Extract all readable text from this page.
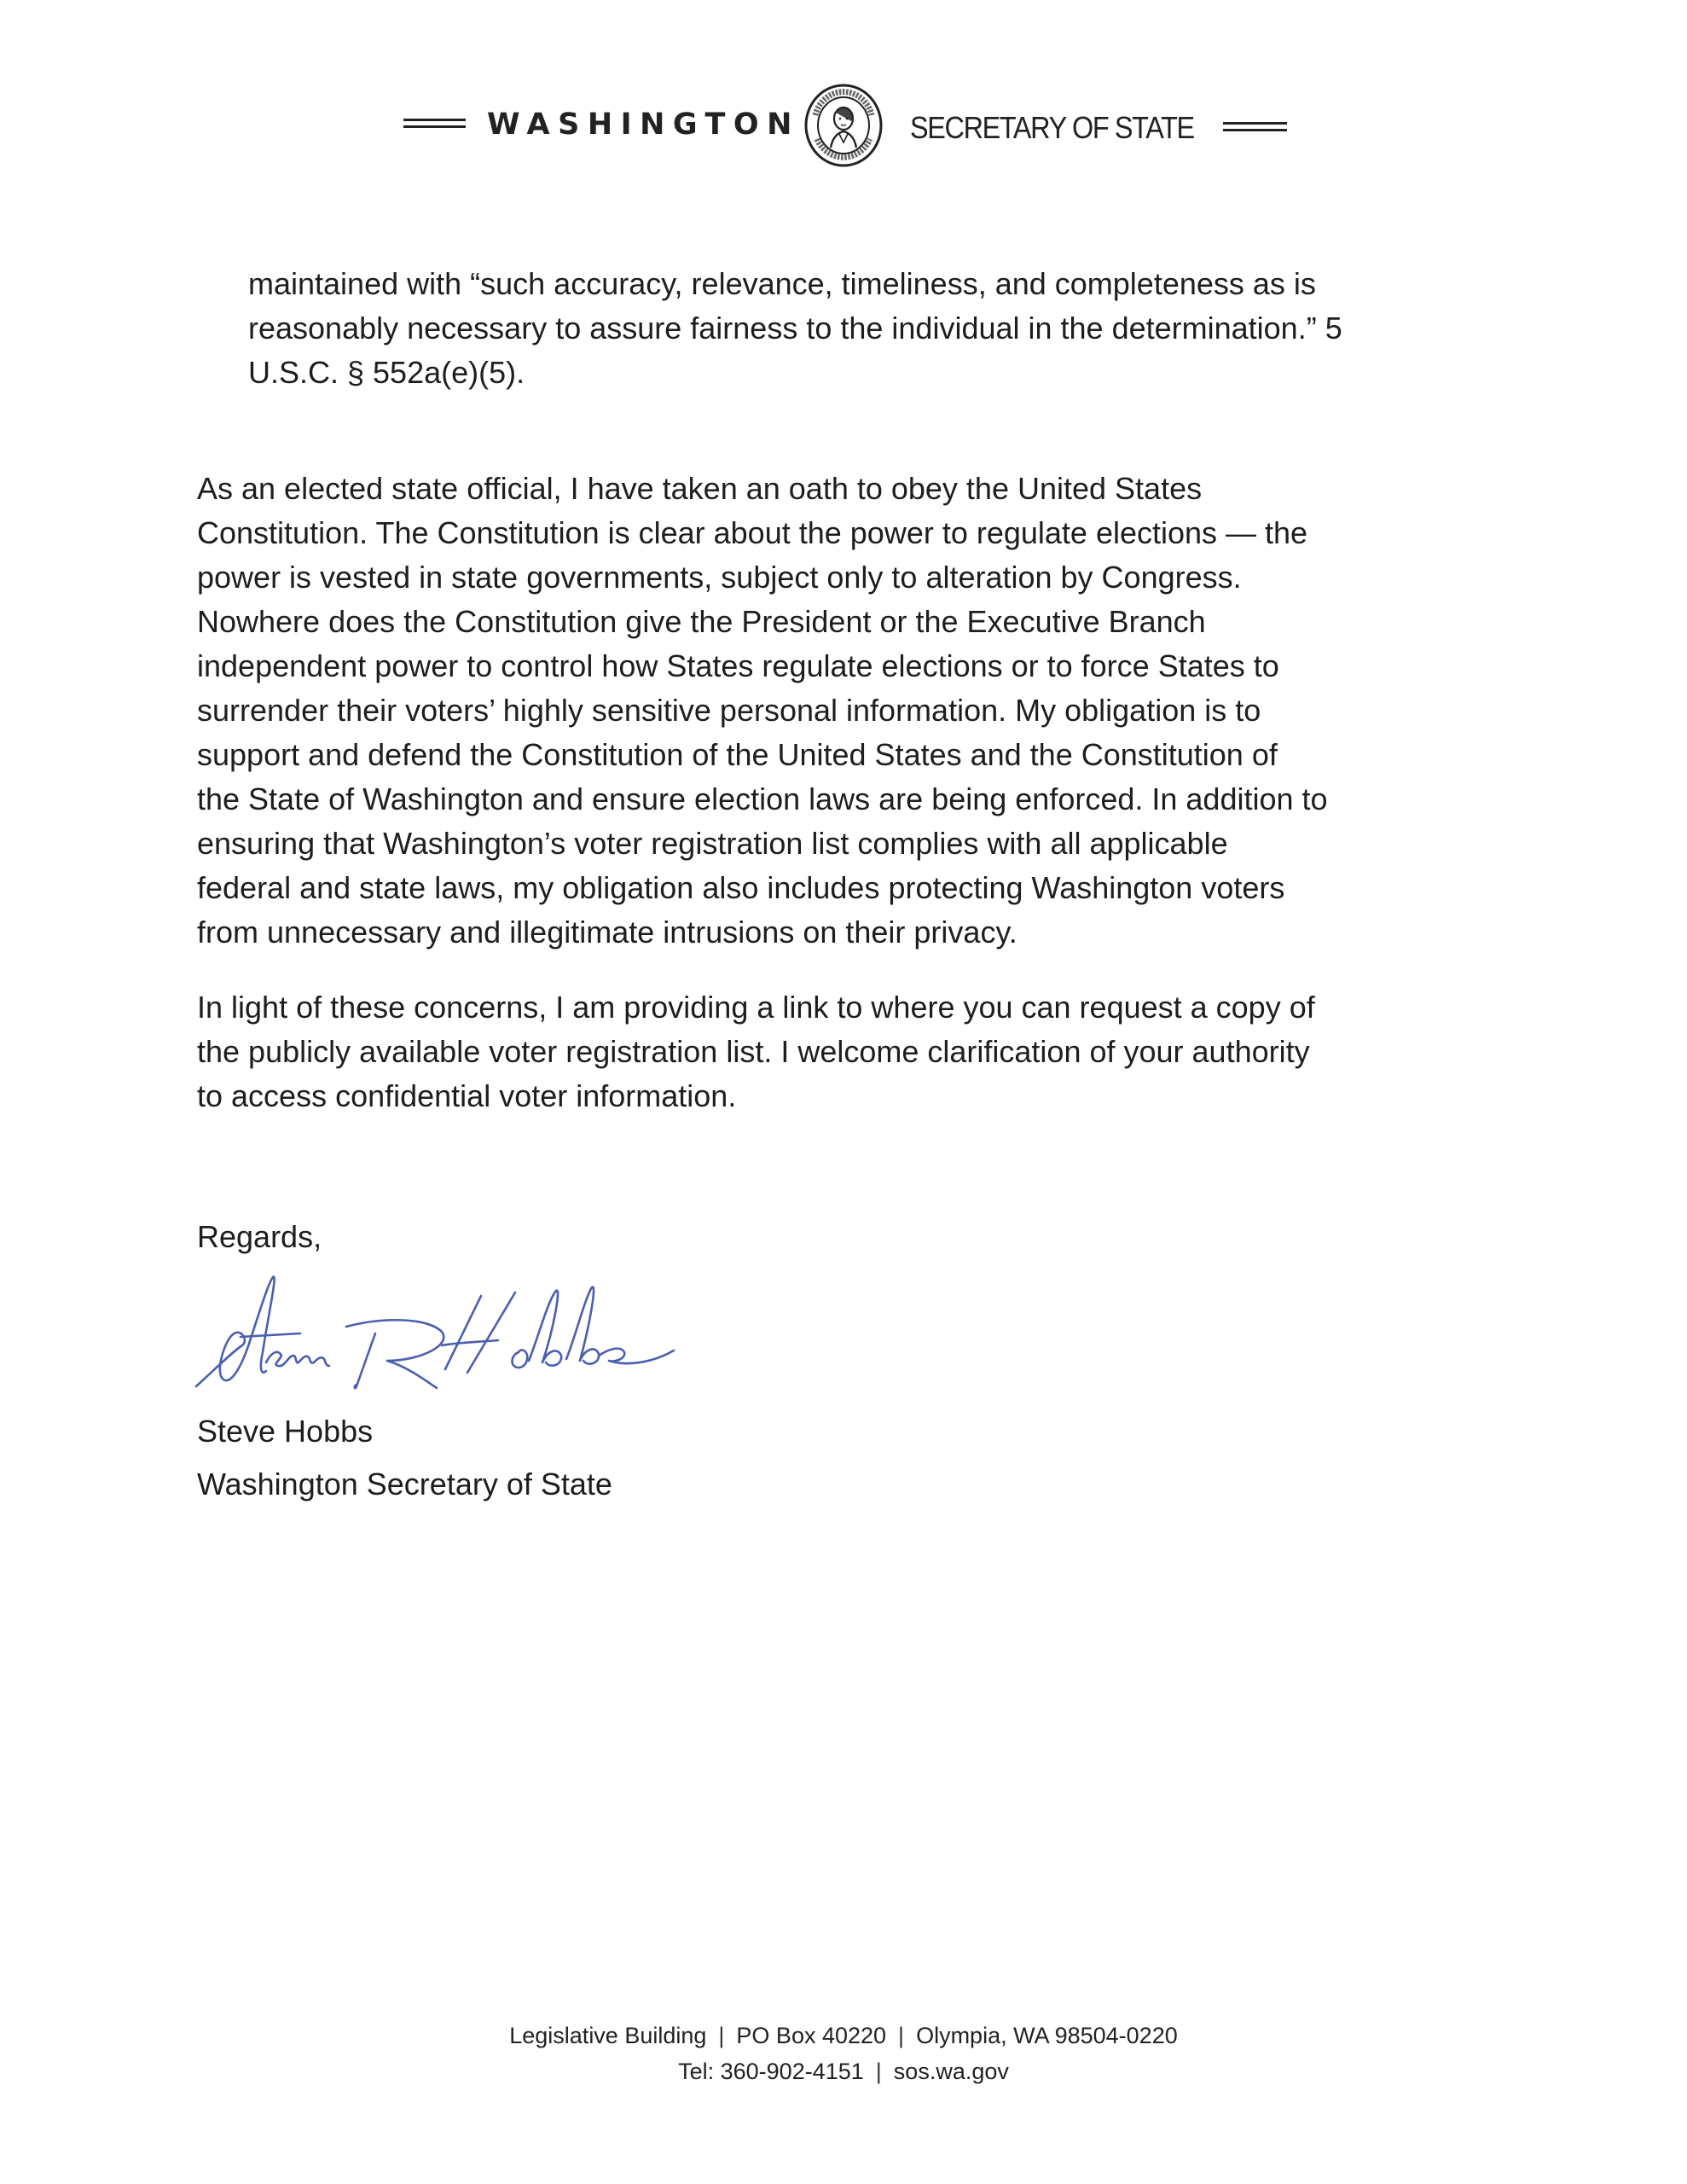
WASHINGTON	SECRETARY OF STATE
maintained with “such accuracy, relevance, timeliness, and completeness as is
reasonably necessary to assure fairness to the individual in the determination.” 5
U.S.C. § 552a(e)(5).
As an elected state official, I have taken an oath to obey the United States
Constitution. The Constitution is clear about the power to regulate elections — the
power is vested in state governments, subject only to alteration by Congress.
Nowhere does the Constitution give the President or the Executive Branch
independent power to control how States regulate elections or to force States to
surrender their voters’ highly sensitive personal information. My obligation is to
support and defend the Constitution of the United States and the Constitution of
the State of Washington and ensure election laws are being enforced. In addition to
ensuring that Washington’s voter registration list complies with all applicable
federal and state laws, my obligation also includes protecting Washington voters
from unnecessary and illegitimate intrusions on their privacy.
In light of these concerns, I am providing a link to where you can request a copy of
the publicly available voter registration list. I welcome clarification of your authority
to access confidential voter information.
Regards,
Steve Hobbs
Washington Secretary of State
Legislative Building | PO Box 40220 | Olympia, WA 98504-0220
Tel: 360-902-4151 | sos.wa.gov
